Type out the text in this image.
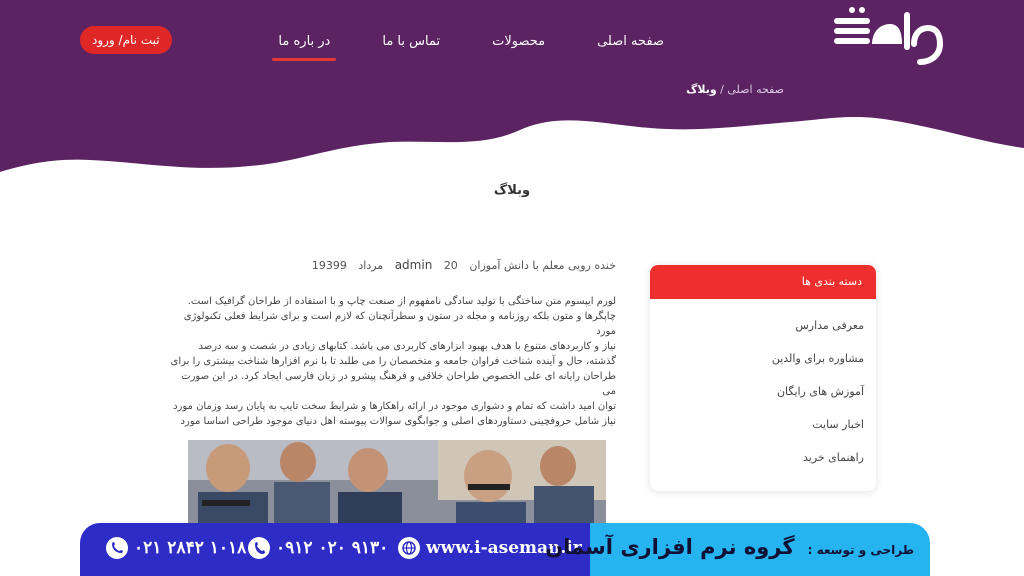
صفحه اصلی
محصولات
تماس با ما
در باره ما
ثبت نام/ ورود
صفحه اصلی / وبلاگ
وبلاگ
خنده رویی معلم با دانش آموزان admin 20 مرداد 19399
لورم ایپسوم متن ساختگی با تولید سادگی نامفهوم از صنعت چاپ و با استفاده از طراحان گرافیک است.
چاپگرها و متون بلکه روزنامه و مجله در ستون و سطرآنچنان که لازم است و برای شرایط فعلی تکنولوژی مورد
نیاز و کاربردهای متنوع با هدف بهبود ابزارهای کاربردی می باشد. کتابهای زیادی در شصت و سه درصد
گذشته، حال و آینده شناخت فراوان جامعه و متخصصان را می طلبد تا با نرم افزارها شناخت بیشتری را برای
طراحان رایانه ای علی الخصوص طراحان خلاقی و فرهنگ پیشرو در زبان فارسی ایجاد کرد. در این صورت می
توان امید داشت که تمام و دشواری موجود در ارائه راهکارها و شرایط سخت تایپ به پایان رسد وزمان مورد
نیاز شامل حروفچینی دستاوردهای اصلی و جوابگوی سوالات پیوسته اهل دنیای موجود طراحی اساسا مورد
دسته بندی ها
معرفی مدارس
مشاوره برای والدین
آموزش های رایگان
اخبار سایت
راهنمای خرید
۰۲۱ ۲۸۴۲ ۱۰۱۸ ۰۹۱۲ ۰۲۰ ۹۱۳۰ www.i-aseman.ir	طراحی و توسعه : گروه نرم افزاری آسمان
